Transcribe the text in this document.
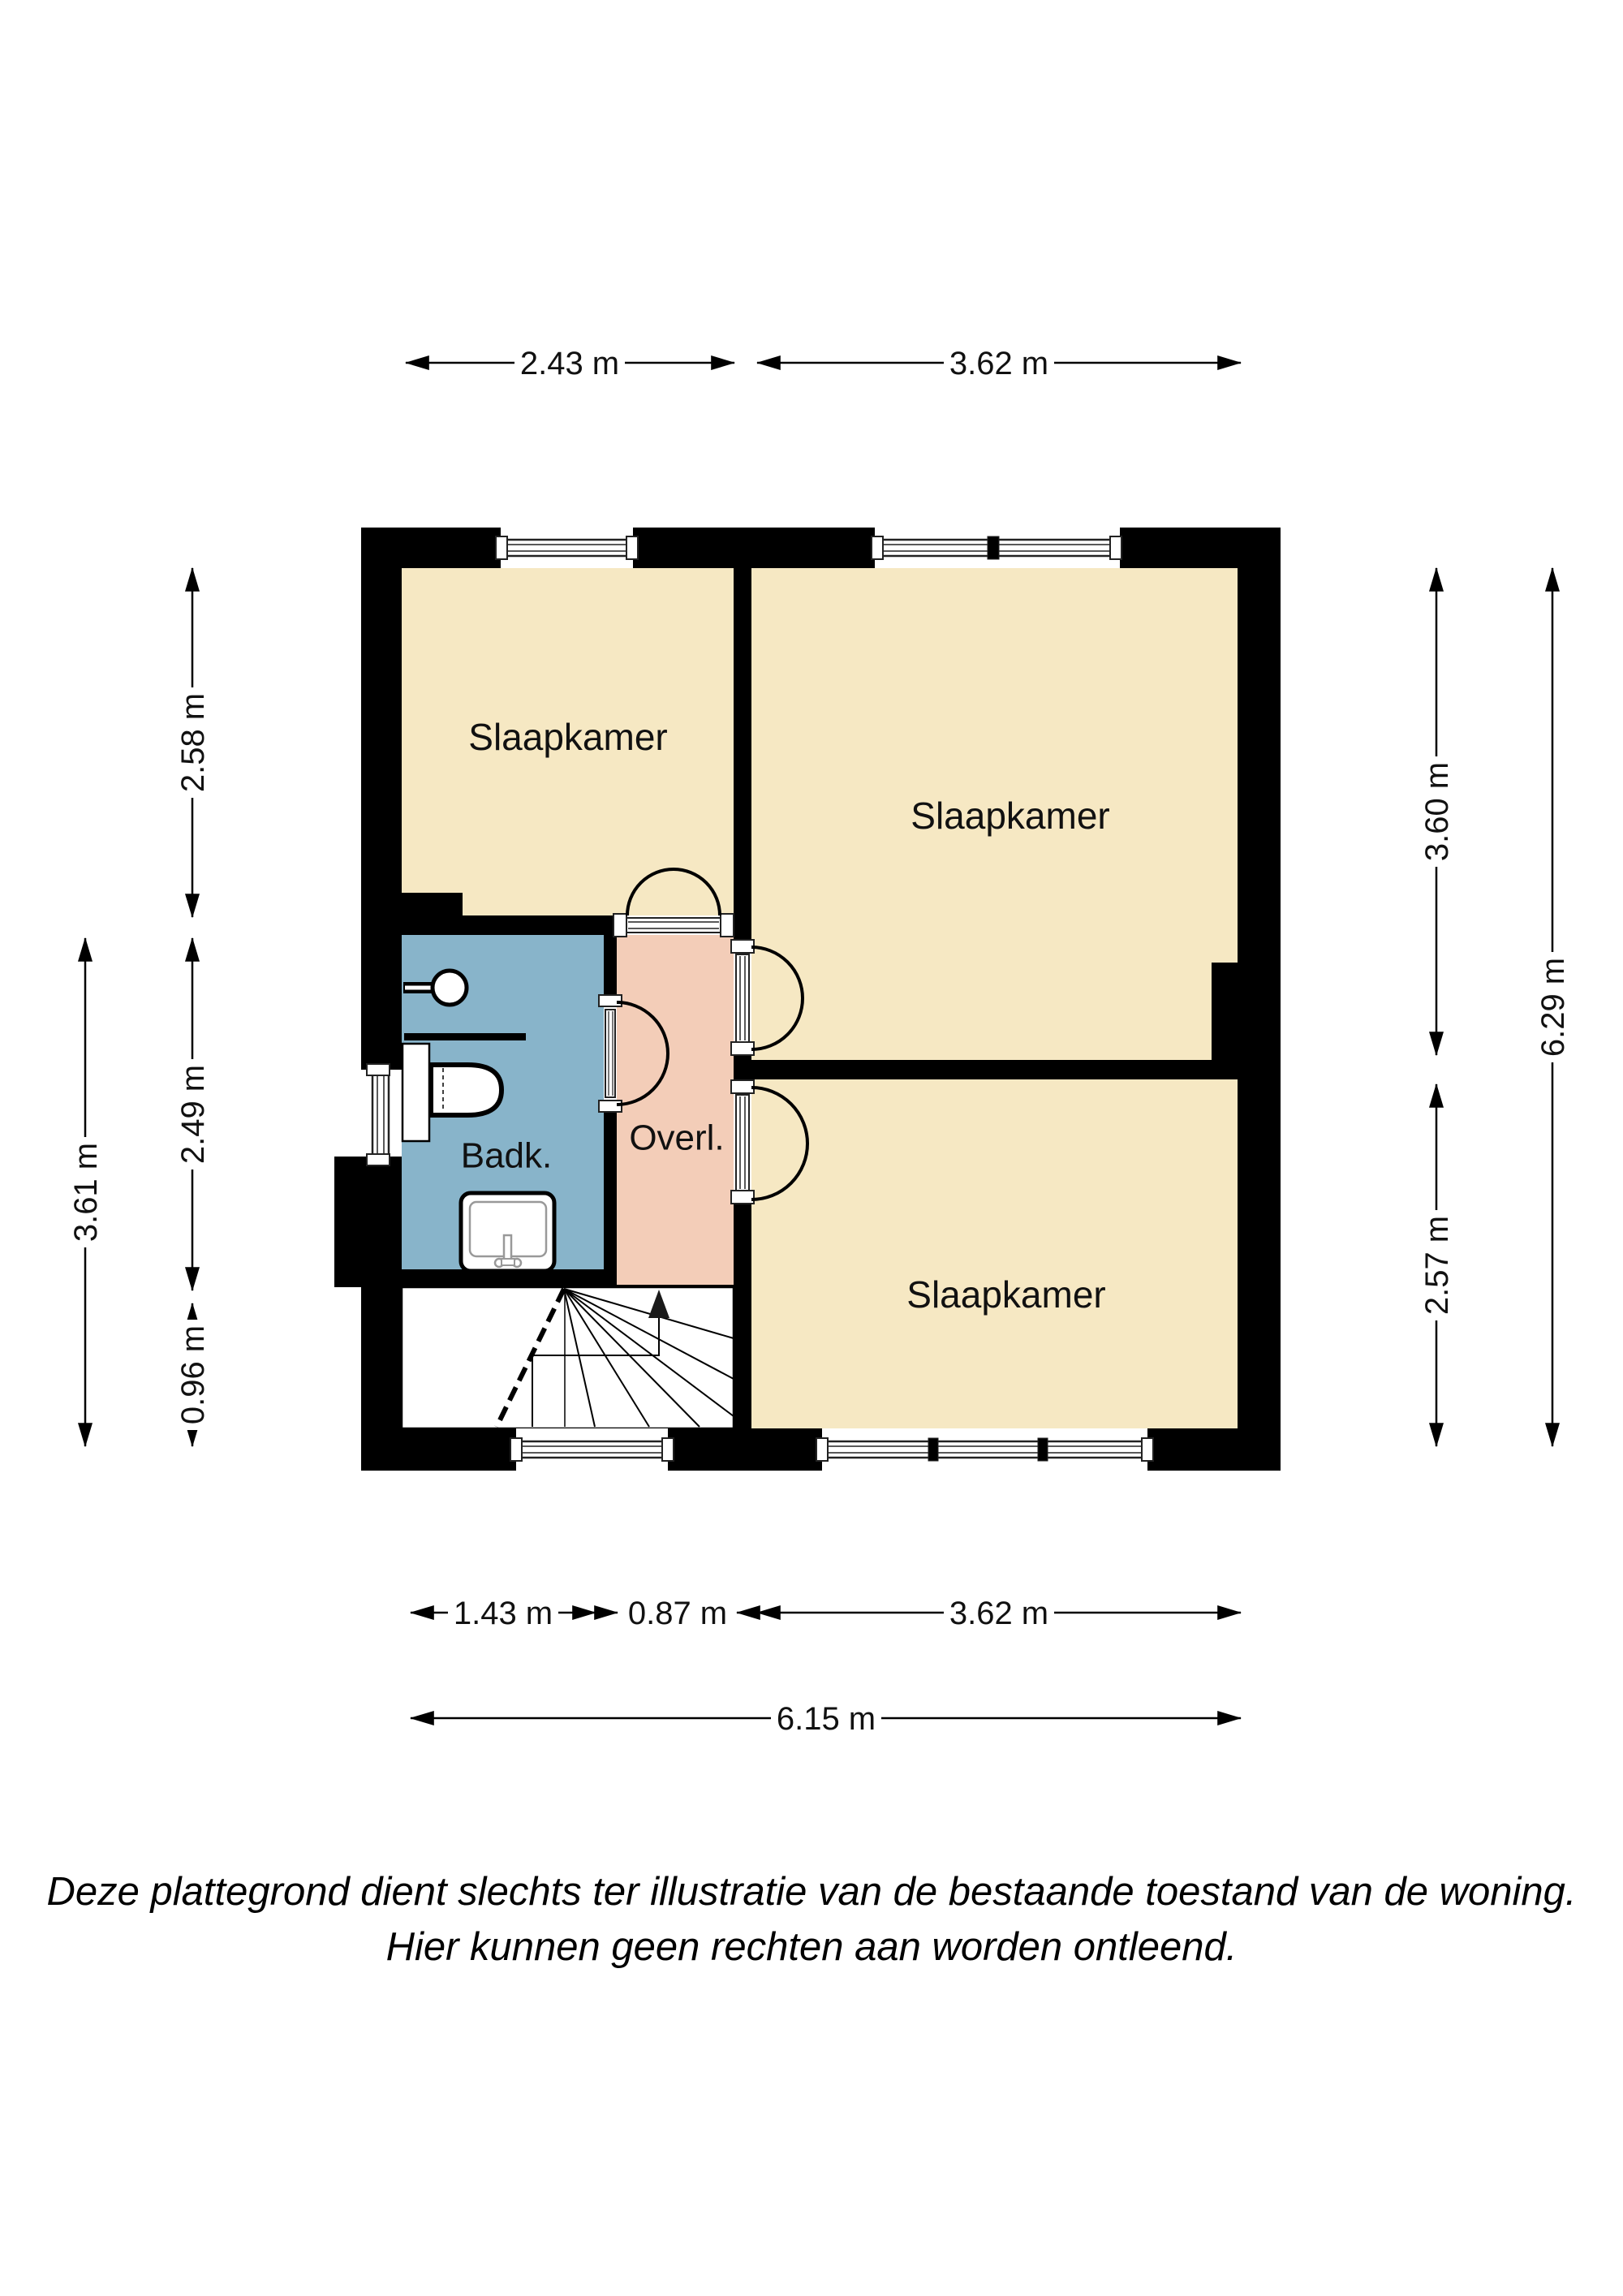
Slaapkamer
Slaapkamer
Slaapkamer
Badk. Overl.
2.43 m	3.62 m
1.43 m 0.87 m	3.62 m
6.15 m
2.58 m
2.49 m
0.96 m
3.61 m
3.60 m
2.57 m
6.29 m
Deze plattegrond dient slechts ter illustratie van de bestaande toestand van de woning.
Hier kunnen geen rechten aan worden ontleend.
